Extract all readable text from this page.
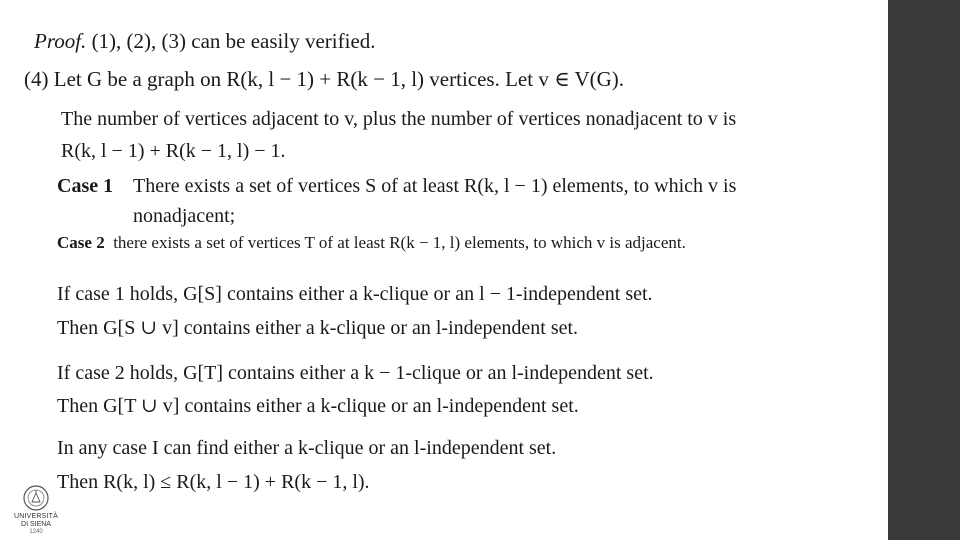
Proof. (1), (2), (3) can be easily verified.
(4) Let G be a graph on R(k, l − 1) + R(k − 1, l) vertices. Let v ∈ V(G).
The number of vertices adjacent to v, plus the number of vertices nonadjacent to v is
R(k, l − 1) + R(k − 1, l) − 1.
Case 1 There exists a set of vertices S of at least R(k, l − 1) elements, to which v is
nonadjacent;
Case 2 there exists a set of vertices T of at least R(k − 1, l) elements, to which v is adjacent.
If case 1 holds, G[S] contains either a k-clique or an l − 1-independent set.
Then G[S ∪ v] contains either a k-clique or an l-independent set.
If case 2 holds, G[T] contains either a k − 1-clique or an l-independent set.
Then G[T ∪ v] contains either a k-clique or an l-independent set.
In any case I can find either a k-clique or an l-independent set.
Then R(k, l) ≤ R(k, l − 1) + R(k − 1, l).
UNIVERSITÀ
DI SIENA
1240
